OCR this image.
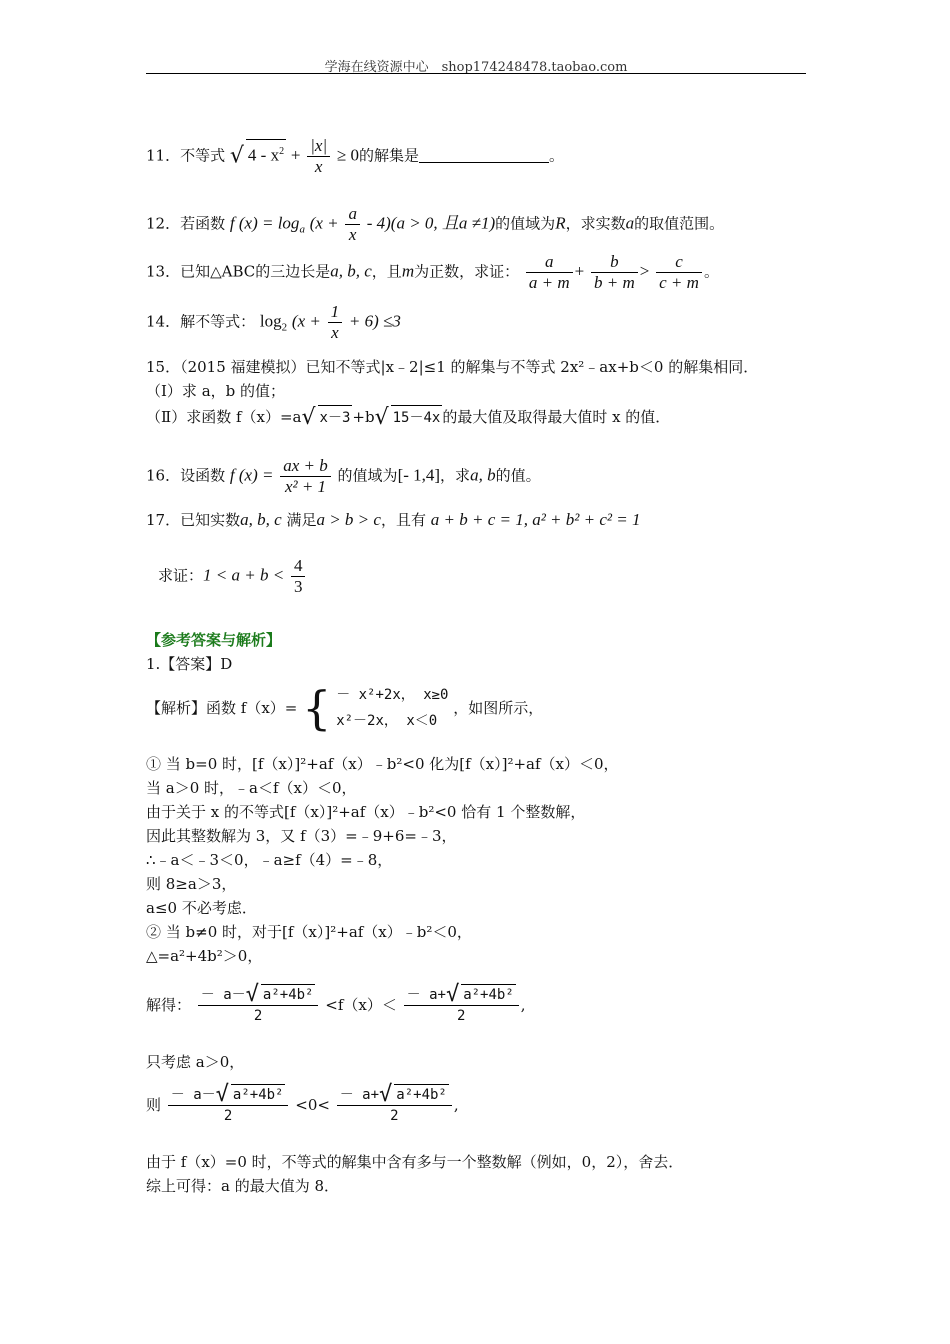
学海在线资源中心　shop174248478.taobao.com
11．不等式 √ $4 - x^2 + \frac{|x|}{x} \ge 0$的解集是	。
12．若函数 f $(x) = \log_a (x + \frac{a}{x} - 4)(a > 0$, 且a ≠1)的值域为R，求实数a的取值范围。
13．已知△ABC的三边长是a, b, c，且m为正数，求证： $\frac{a}{a + m} + \frac{b}{b + m} > \frac{c}{c + m}$ 。
14．解不等式： $\log_2 (x + \frac{1}{x} + 6) \le 3$
15．（2015 福建模拟）已知不等式|x﹣2|≤1 的解集与不等式 2x²﹣ax+b＜0 的解集相同．
（Ⅰ）求 a，b 的值；
（Ⅱ）求函数 f（x）=a√ x－3 +b√ 15－4x 的最大值及取得最大值时 x 的值．
16．设函数 f $(x) = \frac{ax + b}{\text{x² + 1}}$ 的值域为[- 1,4]，求a, b的值。
17．已知实数a, b, c 满足a > b > c，且有 a + b + c = 1, a² + b² + c² = 1
求证：$1 < a + b < \frac{4}{3}$
【参考答案与解析】
1.【答案】D
【解析】函数 f（x）= { － x²+2x， x≥0
x²－2x， x＜0
，如图所示，
① 当 b=0 时，[f（x）]²+af（x）﹣b²<0 化为[f（x）]²+af（x）＜0，
当 a＞0 时，﹣a＜f（x）＜0，
由于关于 x 的不等式[f（x）]²+af（x）﹣b²<0 恰有 1 个整数解，
因此其整数解为 3，又 f（3）=﹣9+6=﹣3，
∴﹣a＜﹣3＜0，﹣a≥f（4）=﹣8，
则 8≥a＞3，
a≤0 不必考虑．
② 当 b≠0 时，对于[f（x）]²+af（x）﹣b²＜0，
△=a²+4b²＞0，
解得： $\frac{\text{－ a－√ a²+4b²}}{2} <f(x)< \frac{\text{－ a+√ a²+4b²}}{2}$ ,
只考虑 a＞0，
则 $\frac{\text{－ a－√ a²+4b²}}{2} <0< \frac{\text{－ a+√ a²+4b²}}{2}$ ,
由于 f（x）=0 时，不等式的解集中含有多与一个整数解（例如，0，2），舍去．
综上可得：a 的最大值为 8．
